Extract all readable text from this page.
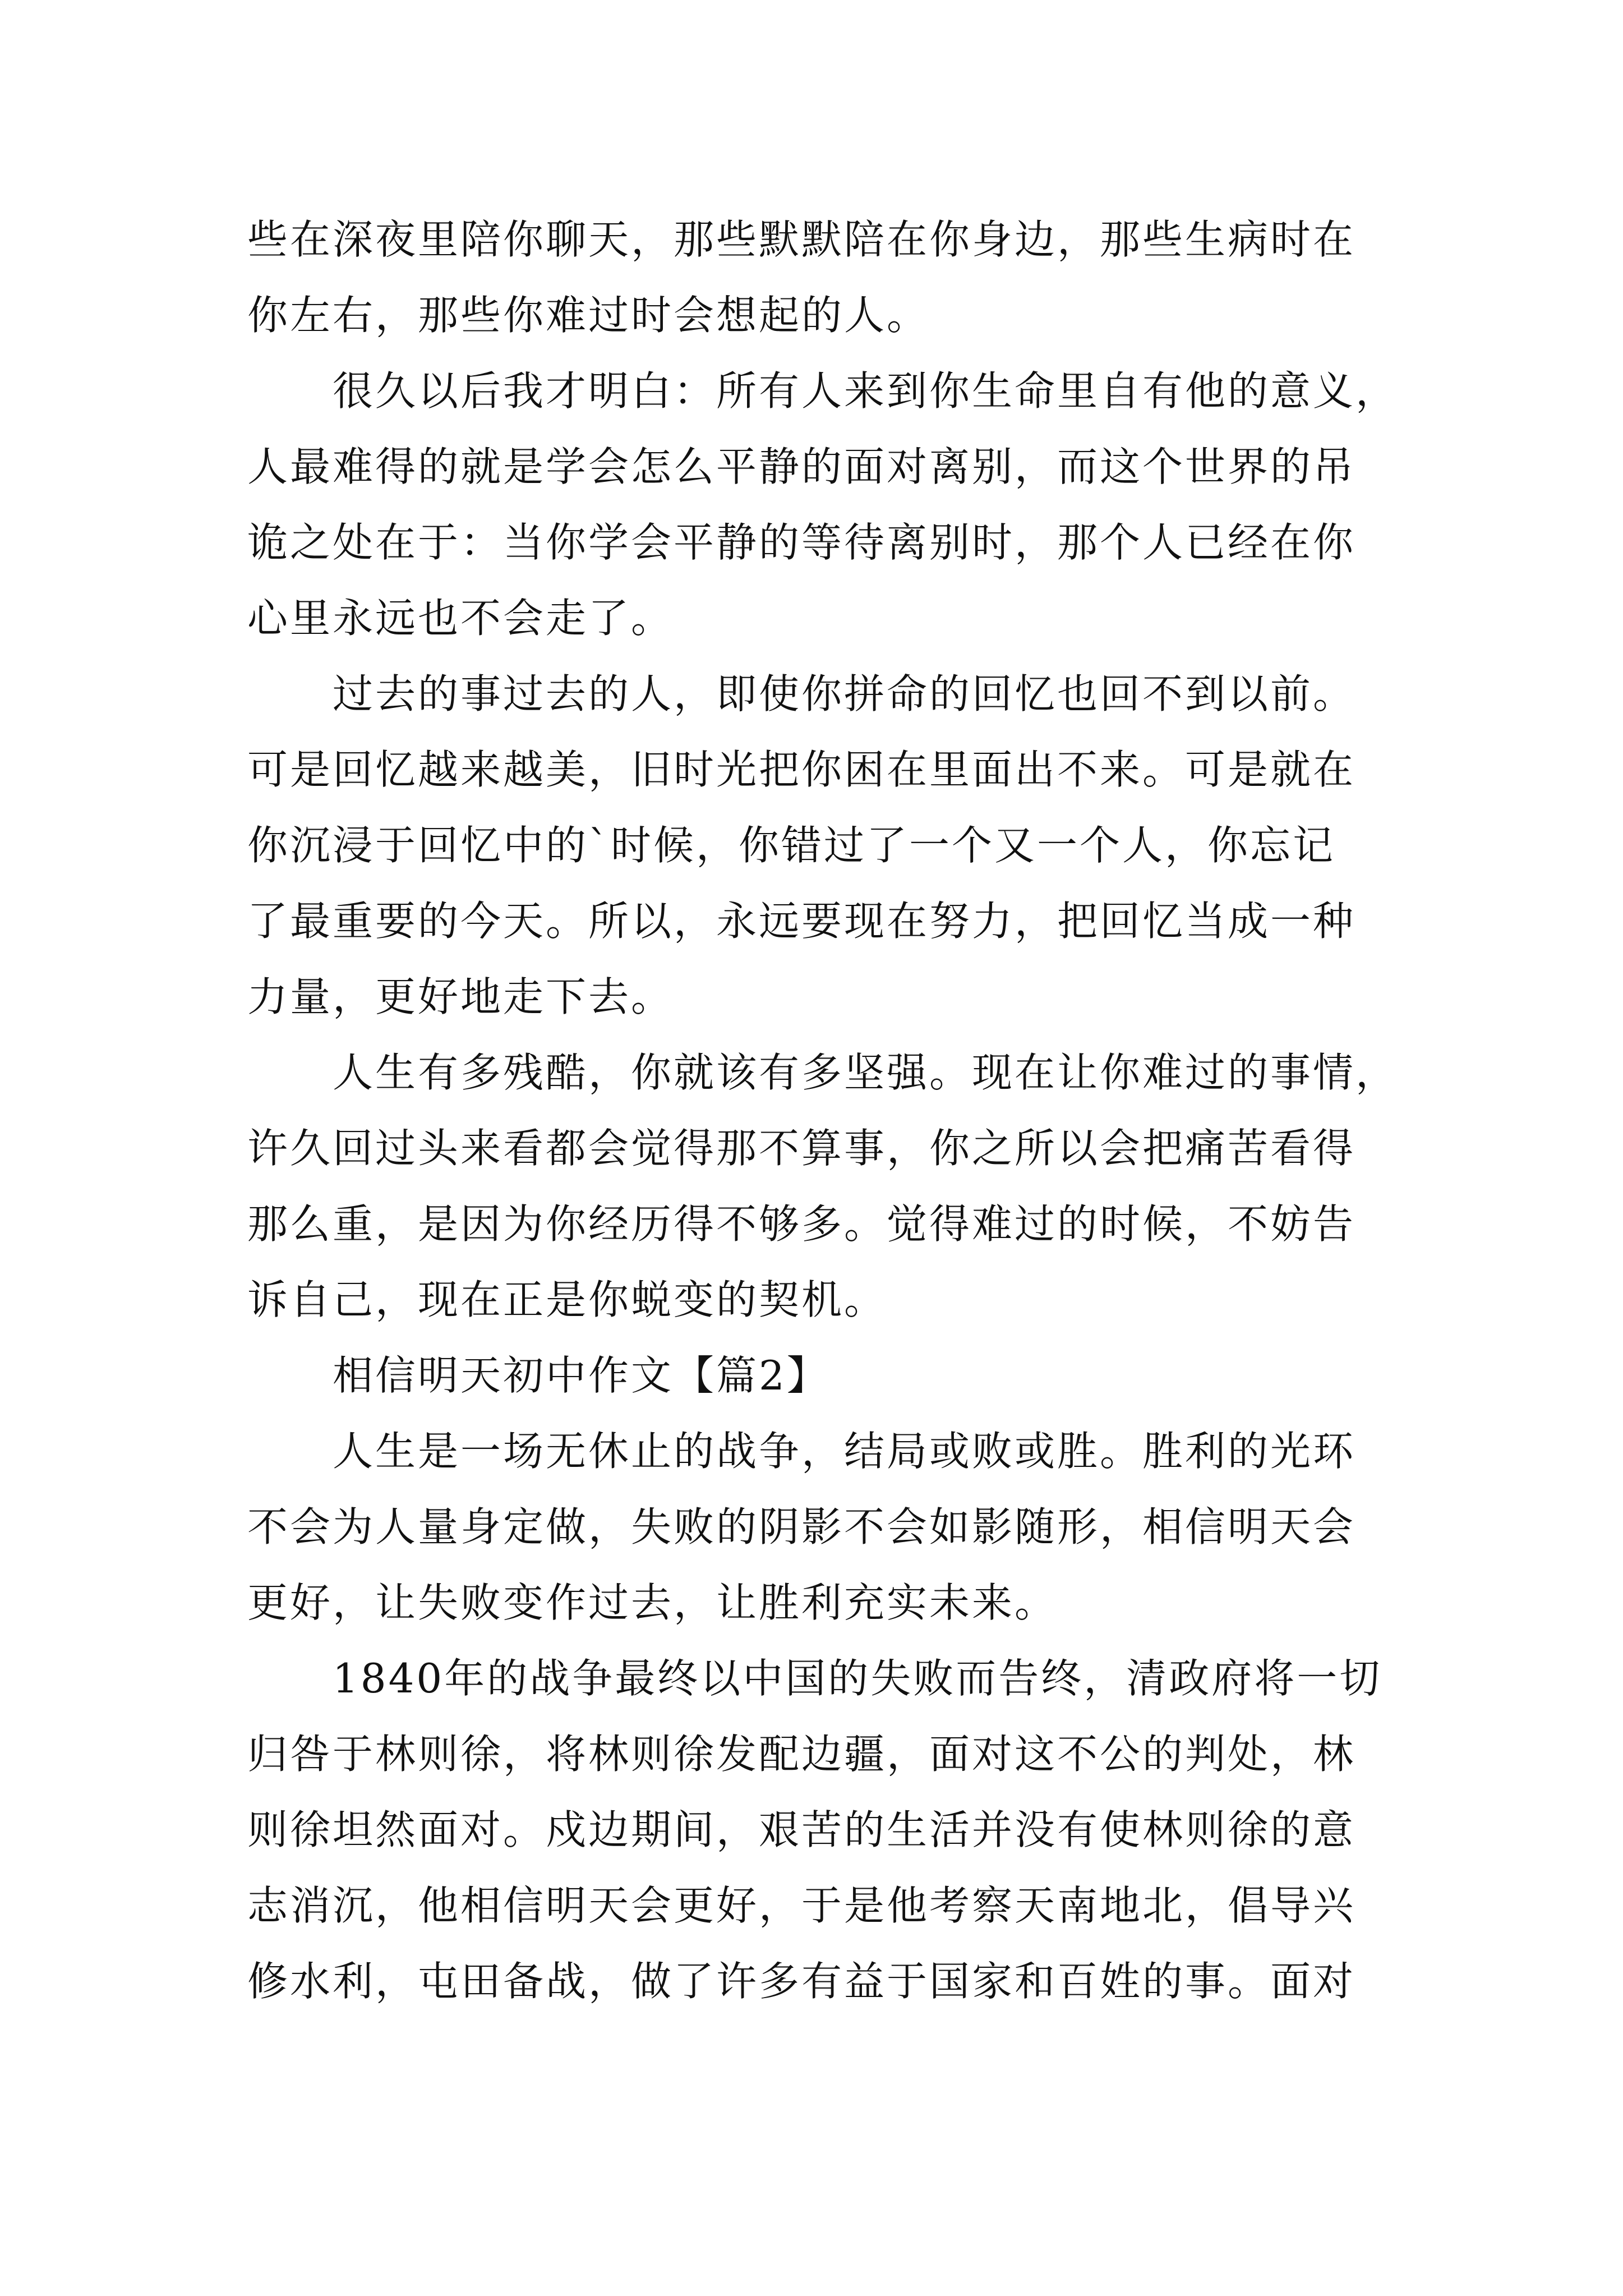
些在深夜里陪你聊天，那些默默陪在你身边，那些生病时在
你左右，那些你难过时会想起的人。
很久以后我才明白：所有人来到你生命里自有他的意义，
人最难得的就是学会怎么平静的面对离别，而这个世界的吊
诡之处在于：当你学会平静的等待离别时，那个人已经在你
心里永远也不会走了。
过去的事过去的人，即使你拼命的回忆也回不到以前。
可是回忆越来越美，旧时光把你困在里面出不来。可是就在
你沉浸于回忆中的`时候，你错过了一个又一个人，你忘记
了最重要的今天。所以，永远要现在努力，把回忆当成一种
力量，更好地走下去。
人生有多残酷，你就该有多坚强。现在让你难过的事情，
许久回过头来看都会觉得那不算事，你之所以会把痛苦看得
那么重，是因为你经历得不够多。觉得难过的时候，不妨告
诉自己，现在正是你蜕变的契机。
相信明天初中作文【篇2】
人生是一场无休止的战争，结局或败或胜。胜利的光环
不会为人量身定做，失败的阴影不会如影随形，相信明天会
更好，让失败变作过去，让胜利充实未来。
1840年的战争最终以中国的失败而告终，清政府将一切
归咎于林则徐，将林则徐发配边疆，面对这不公的判处，林
则徐坦然面对。戍边期间，艰苦的生活并没有使林则徐的意
志消沉，他相信明天会更好，于是他考察天南地北，倡导兴
修水利，屯田备战，做了许多有益于国家和百姓的事。面对
